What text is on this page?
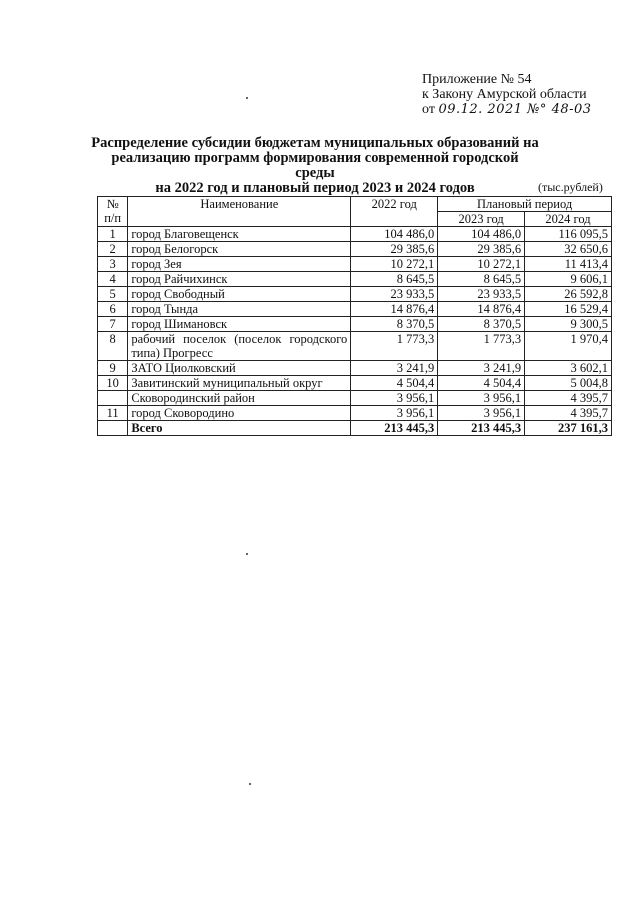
Приложение № 54
к Закону Амурской области
от 09.12. 2021 №° 48-03
Распределение субсидии бюджетам муниципальных образований на
реализацию программ формирования современной городской среды
на 2022 год и плановый период 2023 и 2024 годов	(тыс.рублей)
№ п/п	Наименование	2022 год	Плановый период	
			2023 год	2024 год
1	город Благовещенск	104 486,0	104 486,0	116 095,5
2	город Белогорск	29 385,6	29 385,6	32 650,6
3	город Зея	10 272,1	10 272,1	11 413,4
4	город Райчихинск	8 645,5	8 645,5	9 606,1
5	город Свободный	23 933,5	23 933,5	26 592,8
6	город Тында	14 876,4	14 876,4	16 529,4
7	город Шимановск	8 370,5	8 370,5	9 300,5
8	рабочий поселок (поселок городского типа) Прогресс	1 773,3	1 773,3	1 970,4
9	ЗАТО Циолковский	3 241,9	3 241,9	3 602,1
10	Завитинский муниципальный округ	4 504,4	4 504,4	5 004,8
	Сковородинский район	3 956,1	3 956,1	4 395,7
11	город Сковородино	3 956,1	3 956,1	4 395,7
	Всего	213 445,3	213 445,3	237 161,3
